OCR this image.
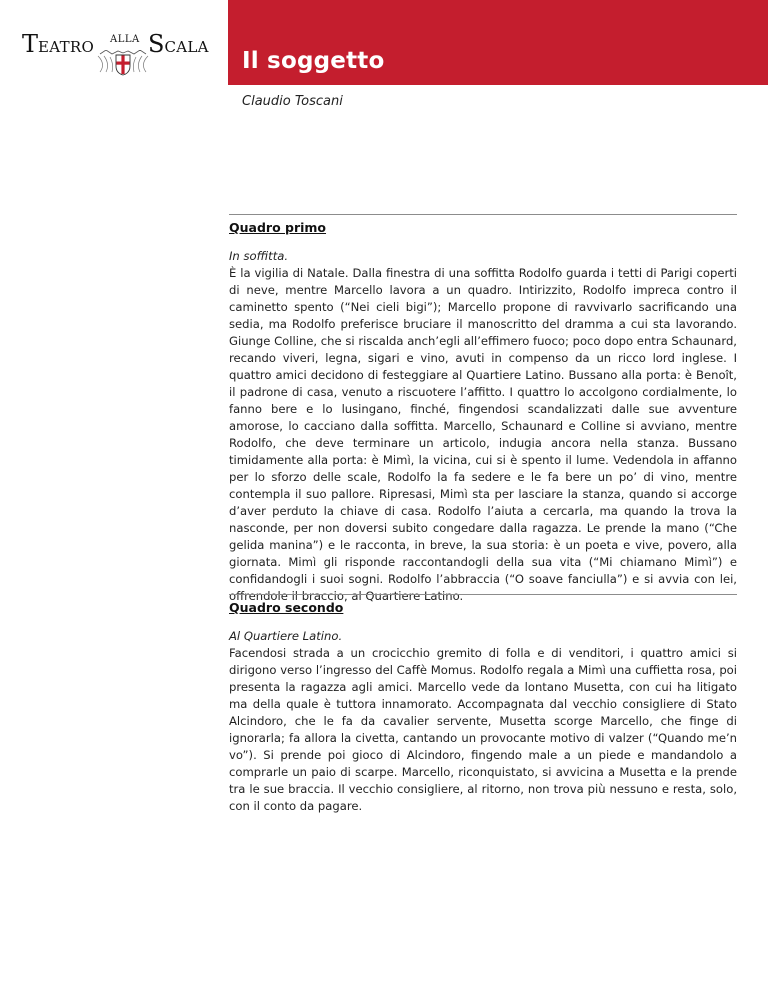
TEATRO ALLA SCALA
Il soggetto
Claudio Toscani
Quadro primo

In soffitta.

È la vigilia di Natale. Dalla finestra di una soffitta Rodolfo guarda i tetti di Parigi coperti di neve, mentre Marcello lavora a un quadro. Intirizzito, Rodolfo impreca contro il caminetto spento (“Nei cieli bigi”); Marcello propone di ravvivarlo sacrificando una sedia, ma Rodolfo preferisce bruciare il manoscritto del dramma a cui sta lavorando. Giunge Colline, che si riscalda anch’egli all’effimero fuoco; poco dopo entra Schaunard, recando viveri, legna, sigari e vino, avuti in compenso da un ricco lord inglese. I quattro amici decidono di festeggiare al Quartiere Latino. Bussano alla porta: è Benoît, il padrone di casa, venuto a riscuotere l’affitto. I quattro lo accolgono cordialmente, lo fanno bere e lo lusingano, finché, fingendosi scandalizzati dalle sue avventure amorose, lo cacciano dalla soffitta. Marcello, Schaunard e Colline si avviano, mentre Rodolfo, che deve terminare un articolo, indugia ancora nella stanza. Bussano timidamente alla porta: è Mimì, la vicina, cui si è spento il lume. Vedendola in affanno per lo sforzo delle scale, Rodolfo la fa sedere e le fa bere un po’ di vino, mentre contempla il suo pallore. Ripresasi, Mimì sta per lasciare la stanza, quando si accorge d’aver perduto la chiave di casa. Rodolfo l’aiuta a cercarla, ma quando la trova la nasconde, per non doversi subito congedare dalla ragazza. Le prende la mano (“Che gelida manina”) e le racconta, in breve, la sua storia: è un poeta e vive, povero, alla giornata. Mimì gli risponde raccontandogli della sua vita (“Mi chiamano Mimì”) e confidandogli i suoi sogni. Rodolfo l’abbraccia (“O soave fanciulla”) e si avvia con lei, offrendole il braccio, al Quartiere Latino.

Quadro secondo

Al Quartiere Latino.

Facendosi strada a un crocicchio gremito di folla e di venditori, i quattro amici si dirigono verso l’ingresso del Caffè Momus. Rodolfo regala a Mimì una cuffietta rosa, poi presenta la ragazza agli amici. Marcello vede da lontano Musetta, con cui ha litigato ma della quale è tuttora innamorato. Accompagnata dal vecchio consigliere di Stato Alcindoro, che le fa da cavalier servente, Musetta scorge Marcello, che finge di ignorarla; fa allora la civetta, cantando un provocante motivo di valzer (“Quando me’n vo”). Si prende poi gioco di Alcindoro, fingendo male a un piede e mandandolo a comprarle un paio di scarpe. Marcello, riconquistato, si avvicina a Musetta e la prende tra le sue braccia. Il vecchio consigliere, al ritorno, non trova più nessuno e resta, solo, con il conto da pagare.
